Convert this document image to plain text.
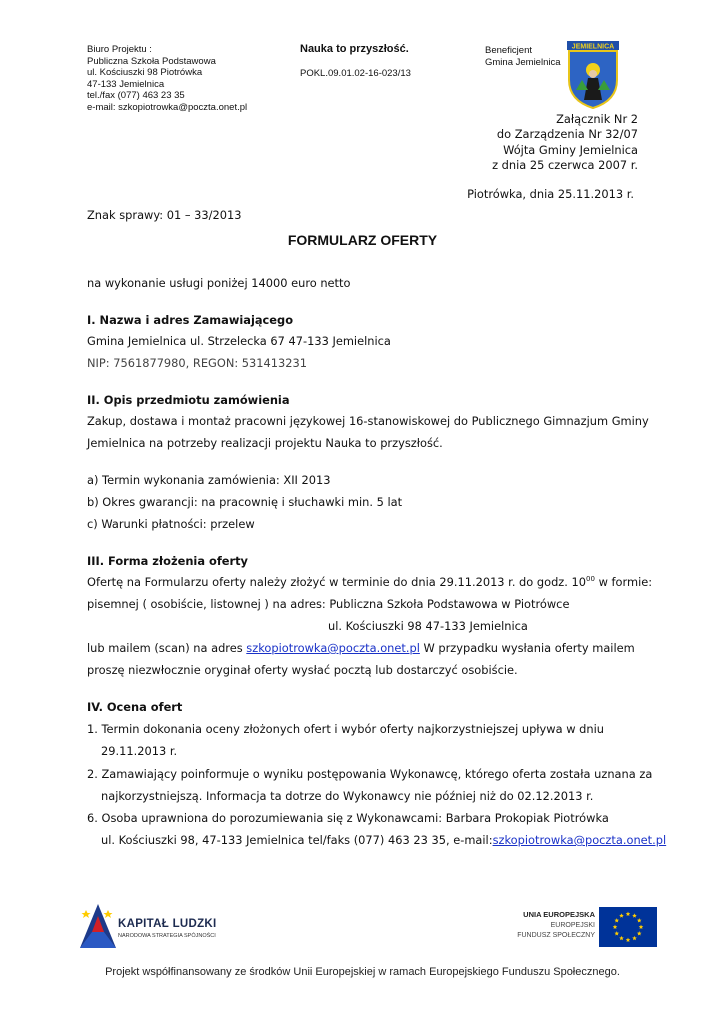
Biuro Projektu :
Publiczna Szkoła Podstawowa
ul. Kościuszki 98 Piotrówka
47-133 Jemielnica
tel./fax (077) 463 23 35
e-mail: szkopiotrowka@poczta.onet.pl
Nauka to przyszłość.
POKL.09.01.02-16-023/13
Beneficjent
Gmina Jemielnica
JEMIELNICA
Załącznik Nr 2
do Zarządzenia Nr 32/07
Wójta Gminy Jemielnica
z dnia 25 czerwca 2007 r.
Piotrówka, dnia 25.11.2013 r.
Znak sprawy: 01 – 33/2013
FORMULARZ OFERTY
na wykonanie usługi poniżej 14000 euro netto
I. Nazwa i adres Zamawiającego
Gmina Jemielnica ul. Strzelecka 67 47-133 Jemielnica
NIP: 7561877980, REGON: 531413231
II. Opis przedmiotu zamówienia
Zakup, dostawa i montaż pracowni językowej 16-stanowiskowej do Publicznego Gimnazjum Gminy
Jemielnica na potrzeby realizacji projektu Nauka to przyszłość.
a) Termin wykonania zamówienia: XII 2013
b) Okres gwarancji: na pracownię i słuchawki min. 5 lat
c) Warunki płatności: przelew
III. Forma złożenia oferty
Ofertę na Formularzu oferty należy złożyć w terminie do dnia 29.11.2013 r. do godz. $10^{00}$ w formie:
pisemnej ( osobiście, listownej ) na adres: Publiczna Szkoła Podstawowa w Piotrówce
ul. Kościuszki 98 47-133 Jemielnica
lub mailem (scan) na adres szkopiotrowka@poczta.onet.pl W przypadku wysłania oferty mailem
proszę niezwłocznie oryginał oferty wysłać pocztą lub dostarczyć osobiście.
IV. Ocena ofert
1. Termin dokonania oceny złożonych ofert i wybór oferty najkorzystniejszej upływa w dniu
29.11.2013 r.
2. Zamawiający poinformuje o wyniku postępowania Wykonawcę, którego oferta została uznana za
najkorzystniejszą. Informacja ta dotrze do Wykonawcy nie później niż do 02.12.2013 r.
6. Osoba uprawniona do porozumiewania się z Wykonawcami: Barbara Prokopiak Piotrówka
ul. Kościuszki 98, 47-133 Jemielnica tel/faks (077) 463 23 35, e-mail:szkopiotrowka@poczta.onet.pl
KAPITAŁ LUDZKI
NARODOWA STRATEGIA SPÓJNOŚCI
UNIA EUROPEJSKA
EUROPEJSKI
FUNDUSZ SPOŁECZNY
Projekt współfinansowany ze środków Unii Europejskiej w ramach Europejskiego Funduszu Społecznego.
